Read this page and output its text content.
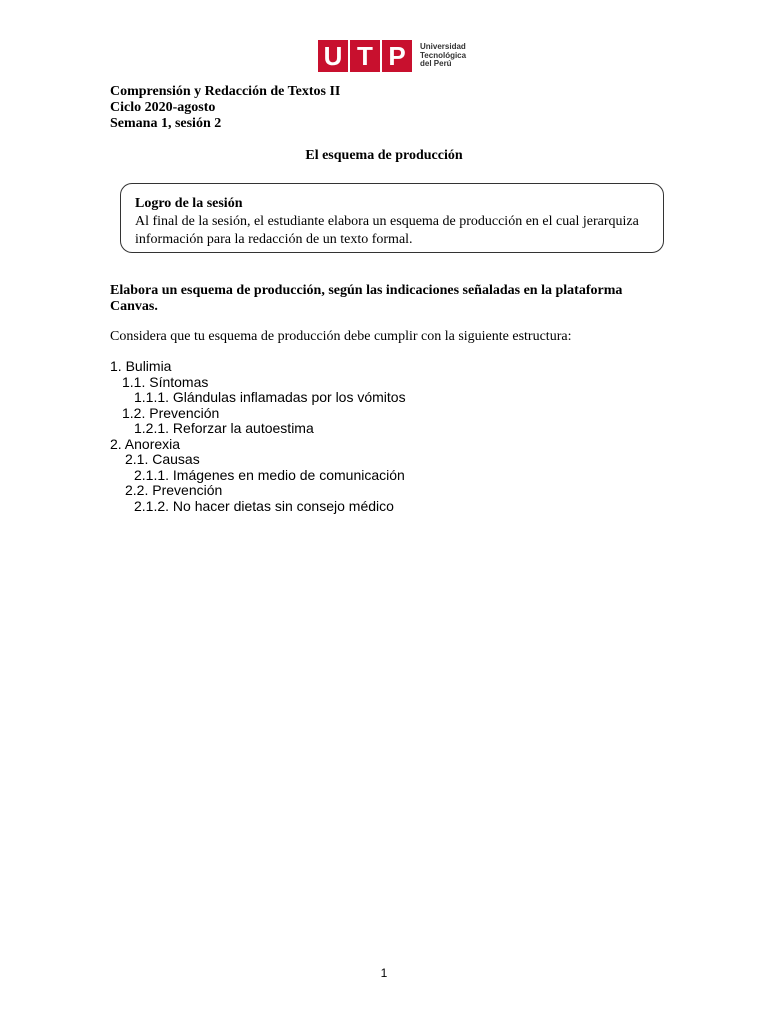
U T P	Universidad
Tecnológica
del Perú
Comprensión y Redacción de Textos II
Ciclo 2020-agosto
Semana 1, sesión 2
El esquema de producción
Logro de la sesión
Al final de la sesión, el estudiante elabora un esquema de producción en el cual jerarquiza
información para la redacción de un texto formal.
Elabora un esquema de producción, según las indicaciones señaladas en la plataforma Canvas.
Considera que tu esquema de producción debe cumplir con la siguiente estructura:
1. Bulimia
1.1. Síntomas
1.1.1. Glándulas inflamadas por los vómitos
1.2. Prevención
1.2.1. Reforzar la autoestima
2. Anorexia
2.1. Causas
2.1.1. Imágenes en medio de comunicación
2.2. Prevención
2.1.2. No hacer dietas sin consejo médico
1
